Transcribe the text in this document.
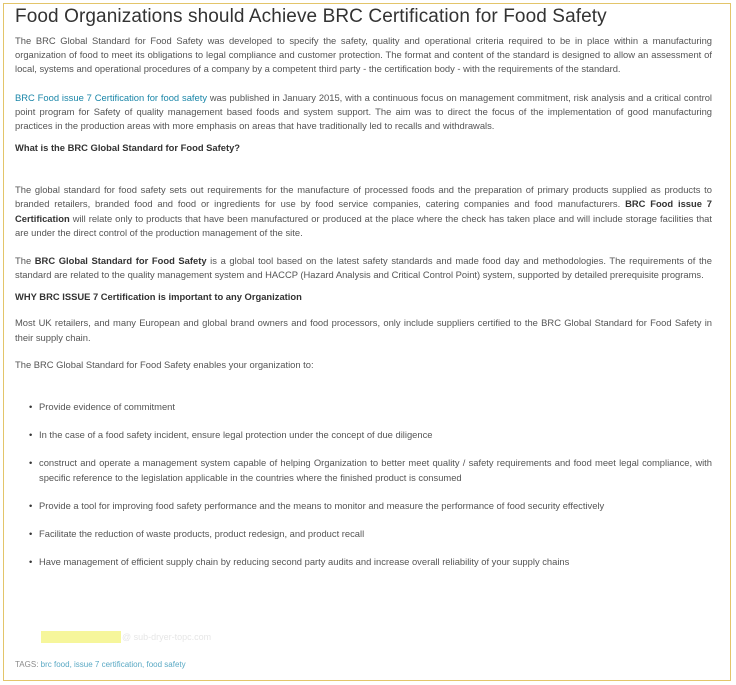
Food Organizations should Achieve BRC Certification for Food Safety

The BRC Global Standard for Food Safety was developed to specify the safety, quality and operational criteria required to be in place within a manufacturing organization of food to meet its obligations to legal compliance and customer protection. The format and content of the standard is designed to allow an assessment of local, systems and operational procedures of a company by a competent third party - the certification body - with the requirements of the standard.

BRC Food issue 7 Certification for food safety was published in January 2015, with a continuous focus on management commitment, risk analysis and a critical control point program for Safety of quality management based foods and system support. The aim was to direct the focus of the implementation of good manufacturing practices in the production areas with more emphasis on areas that have traditionally led to recalls and withdrawals.

What is the BRC Global Standard for Food Safety?

The global standard for food safety sets out requirements for the manufacture of processed foods and the preparation of primary products supplied as products to branded retailers, branded food and food or ingredients for use by food service companies, catering companies and food manufacturers. BRC Food issue 7 Certification will relate only to products that have been manufactured or produced at the place where the check has taken place and will include storage facilities that are under the direct control of the production management of the site.

The BRC Global Standard for Food Safety is a global tool based on the latest safety standards and made food day and methodologies. The requirements of the standard are related to the quality management system and HACCP (Hazard Analysis and Critical Control Point) system, supported by detailed prerequisite programs.

WHY BRC ISSUE 7 Certification is important to any Organization

Most UK retailers, and many European and global brand owners and food processors, only include suppliers certified to the BRC Global Standard for Food Safety in their supply chain.

The BRC Global Standard for Food Safety enables your organization to:

• Provide evidence of commitment
• In the case of a food safety incident, ensure legal protection under the concept of due diligence
• construct and operate a management system capable of helping Organization to better meet quality / safety requirements and food meet legal compliance, with specific reference to the legislation applicable in the countries where the finished product is consumed
• Provide a tool for improving food safety performance and the means to monitor and measure the performance of food security effectively
• Facilitate the reduction of waste products, product redesign, and product recall
• Have management of efficient supply chain by reducing second party audits and increase overall reliability of your supply chains
@ sub-dryer-topc.com
TAGS: brc food, issue 7 certification, food safety
